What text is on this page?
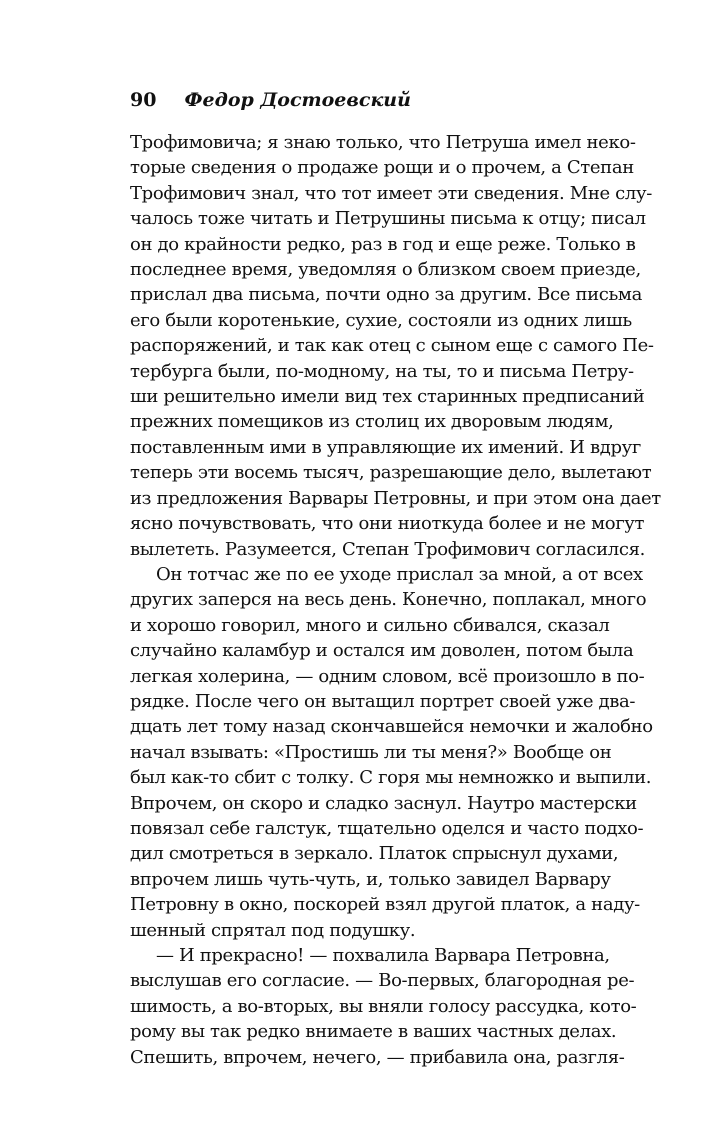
90 Федор Достоевский
Трофимовича; я знаю только, что Петруша имел неко-
торые сведения о продаже рощи и о прочем, а Степан
Трофимович знал, что тот имеет эти сведения. Мне слу-
чалось тоже читать и Петрушины письма к отцу; писал
он до крайности редко, раз в год и еще реже. Только в
последнее время, уведомляя о близком своем приезде,
прислал два письма, почти одно за другим. Все письма
его были коротенькие, сухие, состояли из одних лишь
распоряжений, и так как отец с сыном еще с самого Пе-
тербурга были, по-модному, на ты, то и письма Петру-
ши решительно имели вид тех старинных предписаний
прежних помещиков из столиц их дворовым людям,
поставленным ими в управляющие их имений. И вдруг
теперь эти восемь тысяч, разрешающие дело, вылетают
из предложения Варвары Петровны, и при этом она дает
ясно почувствовать, что они ниоткуда более и не могут
вылететь. Разумеется, Степан Трофимович согласился.
Он тотчас же по ее уходе прислал за мной, а от всех
других заперся на весь день. Конечно, поплакал, много
и хорошо говорил, много и сильно сбивался, сказал
случайно каламбур и остался им доволен, потом была
легкая холерина, — одним словом, всё произошло в по-
рядке. После чего он вытащил портрет своей уже два-
дцать лет тому назад скончавшейся немочки и жалобно
начал взывать: «Простишь ли ты меня?» Вообще он
был как-то сбит с толку. С горя мы немножко и выпили.
Впрочем, он скоро и сладко заснул. Наутро мастерски
повязал себе галстук, тщательно оделся и часто подхо-
дил смотреться в зеркало. Платок спрыснул духами,
впрочем лишь чуть-чуть, и, только завидел Варвару
Петровну в окно, поскорей взял другой платок, а наду-
шенный спрятал под подушку.
— И прекрасно! — похвалила Варвара Петровна,
выслушав его согласие. — Во-первых, благородная ре-
шимость, а во-вторых, вы вняли голосу рассудка, кото-
рому вы так редко внимаете в ваших частных делах.
Спешить, впрочем, нечего, — прибавила она, разгля-
